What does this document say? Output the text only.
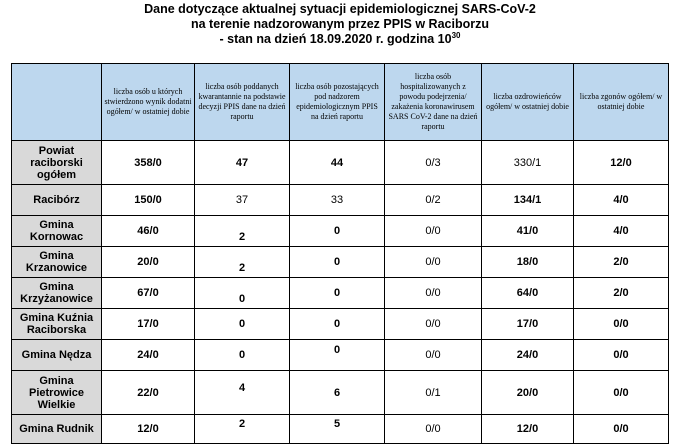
Dane dotyczące aktualnej sytuacji epidemiologicznej SARS-CoV-2
na terenie nadzorowanym przez PPIS w Raciborzu
- stan na dzień 18.09.2020 r. godzina $10^{30}$
	liczba osób u których stwierdzono wynik dodatni ogółem/ w ostatniej dobie	liczba osób poddanych kwarantannie na podstawie decyzji PPIS dane na dzień raportu	liczba osób pozostających pod nadzorem epidemiologicznym PPIS na dzień raportu	liczba osób hospitalizowanych z powodu podejrzenia/ zakażenia koronawirusem SARS CoV-2 dane na dzień raportu	liczba ozdrowieńców ogółem/ w ostatniej dobie	liczba zgonów ogółem/ w ostatniej dobie
Powiat raciborski ogółem	358/0	47	44	0/3	330/1	12/0
Racibórz	150/0	37	33	0/2	134/1	4/0
Gmina Kornowac	46/0	2	0	0/0	41/0	4/0
Gmina Krzanowice	20/0	2	0	0/0	18/0	2/0
Gmina Krzyżanowice	67/0	0	0	0/0	64/0	2/0
Gmina Kuźnia Raciborska	17/0	0	0	0/0	17/0	0/0
Gmina Nędza	24/0	0	0	0/0	24/0	0/0
Gmina Pietrowice Wielkie	22/0	4	6	0/1	20/0	0/0
Gmina Rudnik	12/0	2	5	0/0	12/0	0/0
